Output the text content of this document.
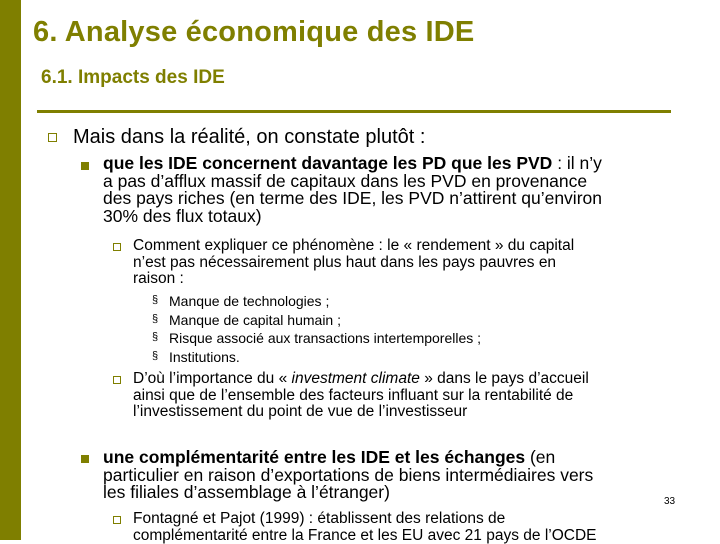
6. Analyse économique des IDE
6.1. Impacts des IDE
Mais dans la réalité, on constate plutôt :
que les IDE concernent davantage les PD que les PVD : il n’y
a pas d’afflux massif de capitaux dans les PVD en provenance
des pays riches (en terme des IDE, les PVD n’attirent qu’environ
30% des flux totaux)
Comment expliquer ce phénomène : le « rendement » du capital
n’est pas nécessairement plus haut dans les pays pauvres en
raison :
§ Manque de technologies ;
§ Manque de capital humain ;
§ Risque associé aux transactions intertemporelles ;
§ Institutions.
D’où l’importance du « investment climate » dans le pays d’accueil
ainsi que de l’ensemble des facteurs influant sur la rentabilité de
l’investissement du point de vue de l’investisseur
une complémentarité entre les IDE et les échanges (en
particulier en raison d’exportations de biens intermédiaires vers
les filiales d’assemblage à l’étranger)	33
Fontagné et Pajot (1999) : établissent des relations de
complémentarité entre la France et les EU avec 21 pays de l’OCDE
